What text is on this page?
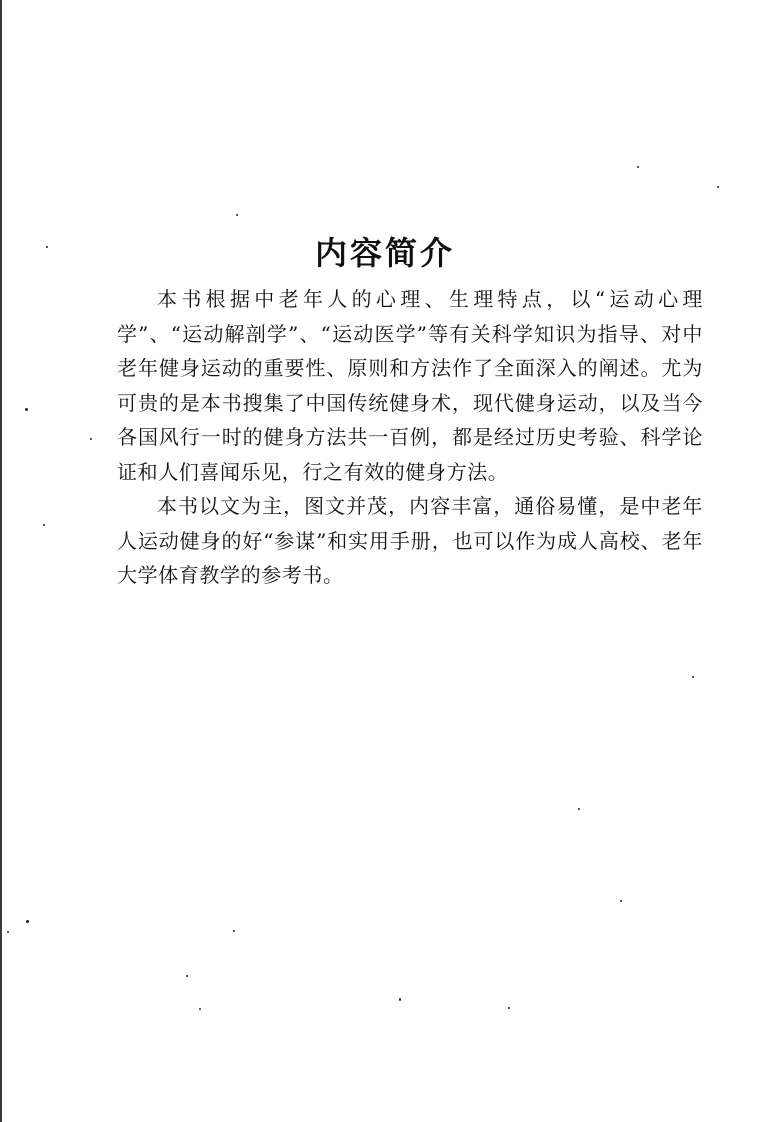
内容简介

本书根据中老年人的心理、生理特点，以“运动心理学”、“运动解剖学”、“运动医学”等有关科学知识为指导、对中老年健身运动的重要性、原则和方法作了全面深入的阐述。尤为可贵的是本书搜集了中国传统健身术，现代健身运动，以及当今各国风行一时的健身方法共一百例，都是经过历史考验、科学论证和人们喜闻乐见，行之有效的健身方法。

本书以文为主，图文并茂，内容丰富，通俗易懂，是中老年人运动健身的好“参谋”和实用手册，也可以作为成人高校、老年大学体育教学的参考书。
